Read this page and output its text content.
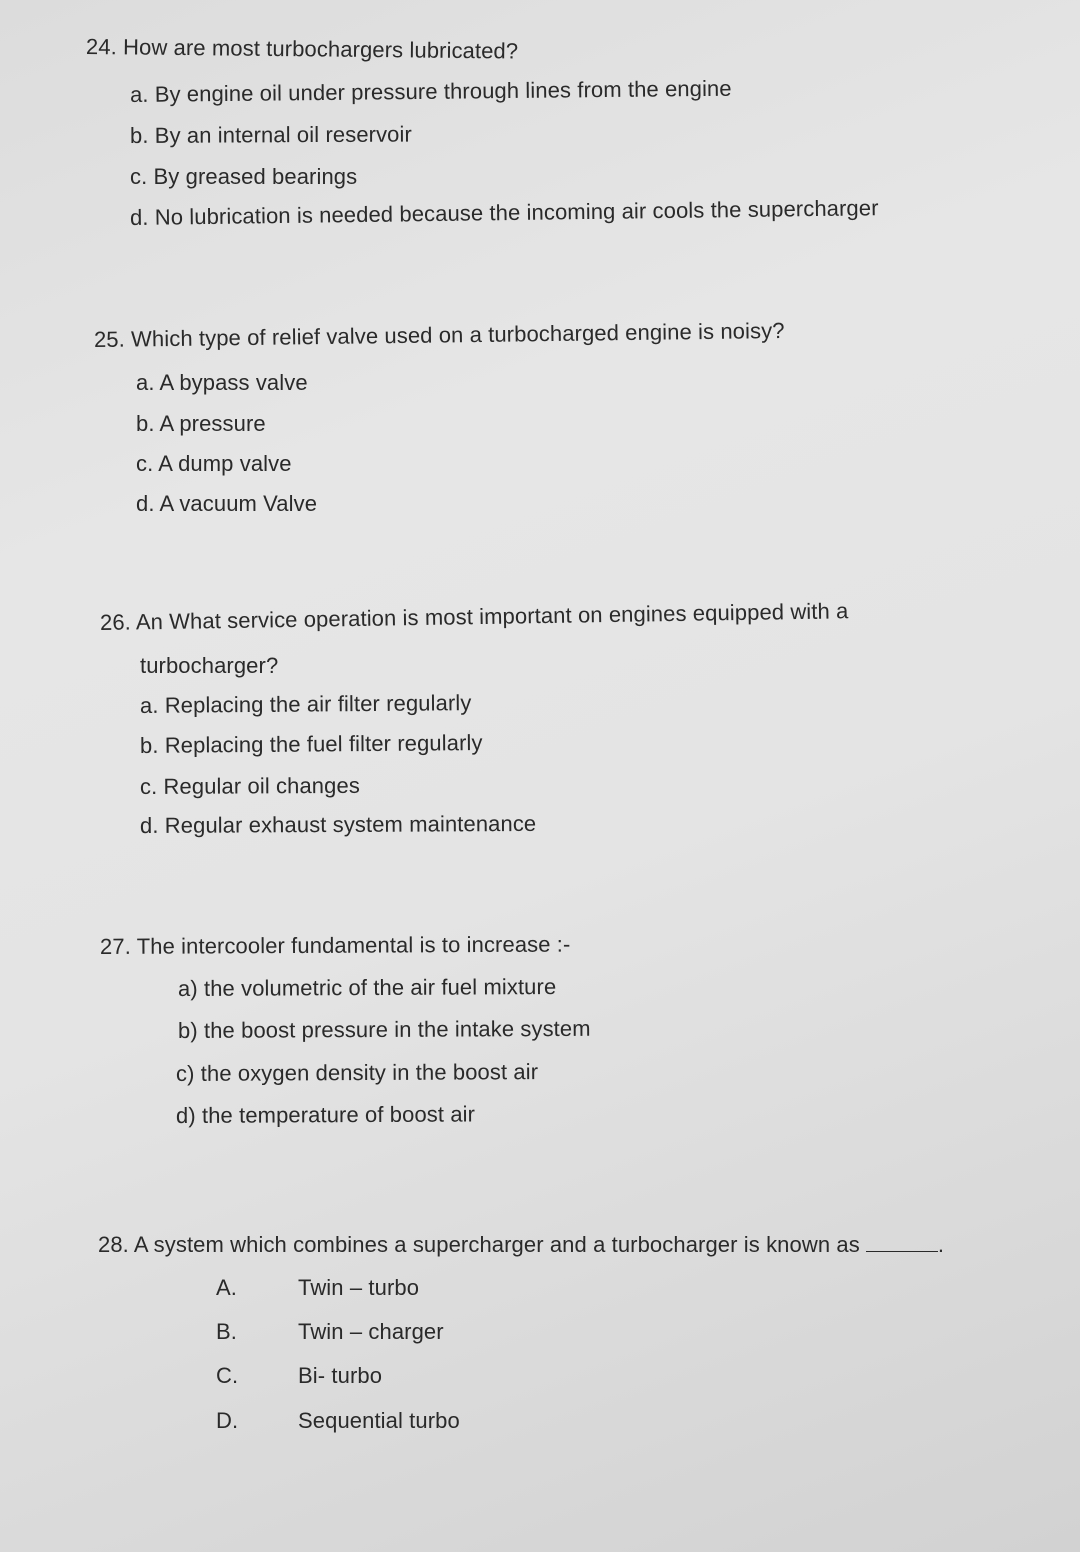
24. How are most turbochargers lubricated?
a. By engine oil under pressure through lines from the engine
b. By an internal oil reservoir
c. By greased bearings
d. No lubrication is needed because the incoming air cools the supercharger
25. Which type of relief valve used on a turbocharged engine is noisy?
a. A bypass valve
b. A pressure
c. A dump valve
d. A vacuum Valve
26. An What service operation is most important on engines equipped with a
turbocharger?
a. Replacing the air filter regularly
b. Replacing the fuel filter regularly
c. Regular oil changes
d. Regular exhaust system maintenance
27. The intercooler fundamental is to increase :-
a) the volumetric of the air fuel mixture
b) the boost pressure in the intake system
c) the oxygen density in the boost air
d) the temperature of boost air
28. A system which combines a supercharger and a turbocharger is known as	.
A.	Twin – turbo
B.	Twin – charger
C.	Bi- turbo
D.	Sequential turbo
